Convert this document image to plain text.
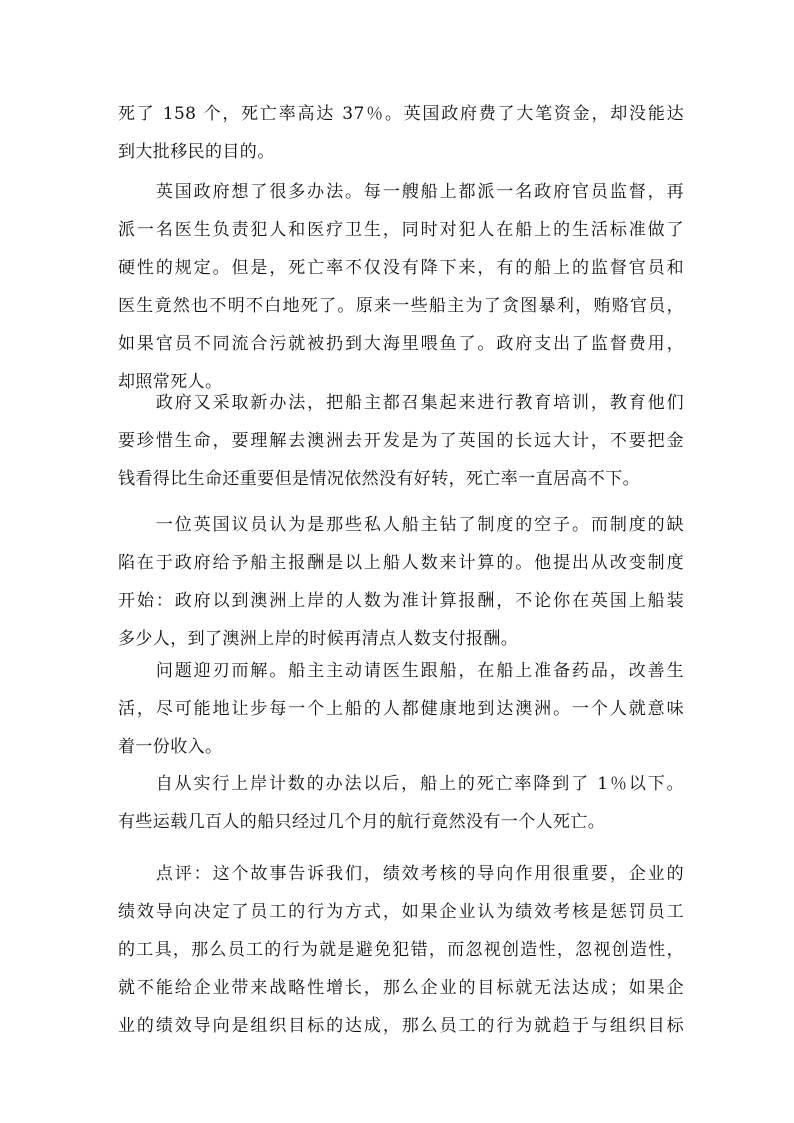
死了 158 个，死亡率高达 37％。英国政府费了大笔资金，却没能达
到大批移民的目的。
　　英国政府想了很多办法。每一艘船上都派一名政府官员监督，再
派一名医生负责犯人和医疗卫生，同时对犯人在船上的生活标准做了
硬性的规定。但是，死亡率不仅没有降下来，有的船上的监督官员和
医生竟然也不明不白地死了。原来一些船主为了贪图暴利，贿赂官员，
如果官员不同流合污就被扔到大海里喂鱼了。政府支出了监督费用，
却照常死人。
　　政府又采取新办法，把船主都召集起来进行教育培训，教育他们
要珍惜生命，要理解去澳洲去开发是为了英国的长远大计，不要把金
钱看得比生命还重要但是情况依然没有好转，死亡率一直居高不下。
　　一位英国议员认为是那些私人船主钻了制度的空子。而制度的缺
陷在于政府给予船主报酬是以上船人数来计算的。他提出从改变制度
开始：政府以到澳洲上岸的人数为准计算报酬，不论你在英国上船装
多少人，到了澳洲上岸的时候再清点人数支付报酬。
　　问题迎刃而解。船主主动请医生跟船，在船上准备药品，改善生
活，尽可能地让步每一个上船的人都健康地到达澳洲。一个人就意味
着一份收入。
　　自从实行上岸计数的办法以后，船上的死亡率降到了 1％以下。
有些运载几百人的船只经过几个月的航行竟然没有一个人死亡。
　　点评：这个故事告诉我们，绩效考核的导向作用很重要，企业的
绩效导向决定了员工的行为方式，如果企业认为绩效考核是惩罚员工
的工具，那么员工的行为就是避免犯错，而忽视创造性，忽视创造性，
就不能给企业带来战略性增长，那么企业的目标就无法达成；如果企
业的绩效导向是组织目标的达成，那么员工的行为就趋于与组织目标
